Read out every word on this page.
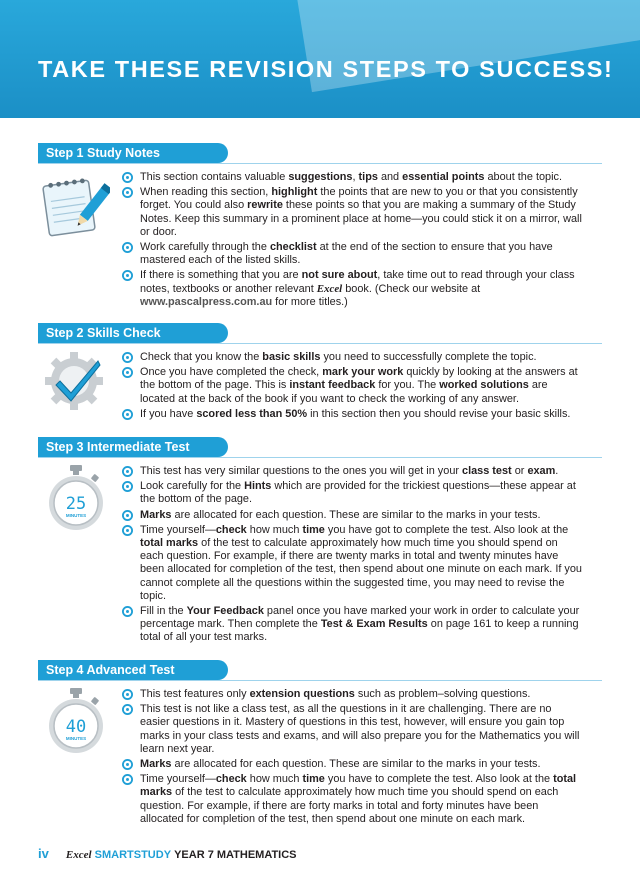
TAKE THESE REVISION STEPS TO SUCCESS!
Step 1 Study Notes
This section contains valuable suggestions, tips and essential points about the topic.
When reading this section, highlight the points that are new to you or that you consistently forget. You could also rewrite these points so that you are making a summary of the Study Notes. Keep this summary in a prominent place at home—you could stick it on a mirror, wall or door.
Work carefully through the checklist at the end of the section to ensure that you have mastered each of the listed skills.
If there is something that you are not sure about, take time out to read through your class notes, textbooks or another relevant Excel book. (Check our website at www.pascalpress.com.au for more titles.)
Step 2 Skills Check
Check that you know the basic skills you need to successfully complete the topic.
Once you have completed the check, mark your work quickly by looking at the answers at the bottom of the page. This is instant feedback for you. The worked solutions are located at the back of the book if you want to check the working of any answer.
If you have scored less than 50% in this section then you should revise your basic skills.
Step 3 Intermediate Test
25
MINUTES
This test has very similar questions to the ones you will get in your class test or exam.
Look carefully for the Hints which are provided for the trickiest questions—these appear at the bottom of the page.
Marks are allocated for each question. These are similar to the marks in your tests.
Time yourself—check how much time you have got to complete the test. Also look at the total marks of the test to calculate approximately how much time you should spend on each question. For example, if there are twenty marks in total and twenty minutes have been allocated for completion of the test, then spend about one minute on each mark. If you cannot complete all the questions within the suggested time, you may need to revise the topic.
Fill in the Your Feedback panel once you have marked your work in order to calculate your percentage mark. Then complete the Test & Exam Results on page 161 to keep a running total of all your test marks.
Step 4 Advanced Test
40
MINUTES
This test features only extension questions such as problem–solving questions.
This test is not like a class test, as all the questions in it are challenging. There are no easier questions in it. Mastery of questions in this test, however, will ensure you gain top marks in your class tests and exams, and will also prepare you for the Mathematics you will learn next year.
Marks are allocated for each question. These are similar to the marks in your tests.
Time yourself—check how much time you have to complete the test. Also look at the total marks of the test to calculate approximately how much time you should spend on each question. For example, if there are forty marks in total and forty minutes have been allocated for completion of the test, then spend about one minute on each mark.
iv Excel SMARTSTUDY YEAR 7 MATHEMATICS
